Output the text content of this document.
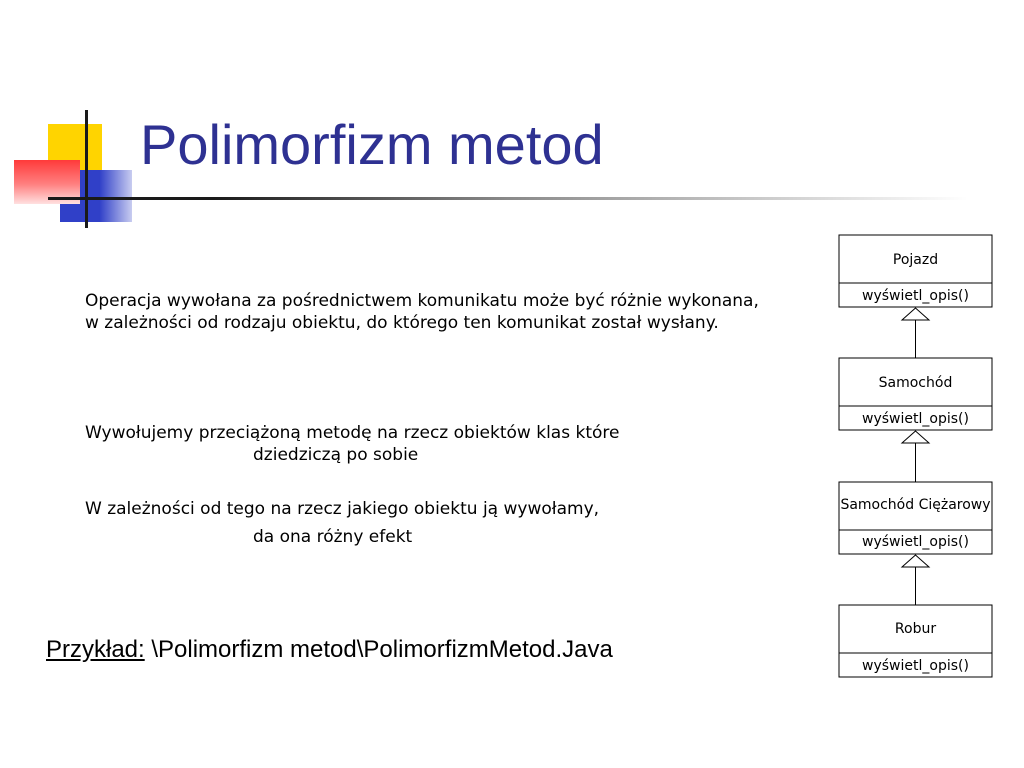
Polimorfizm metod
Operacja wywołana za pośrednictwem komunikatu może być różnie wykonana, w zależności od rodzaju obiektu, do którego ten komunikat został wysłany.
Wywołujemy przeciążoną metodę na rzecz obiektów klas które
dziedziczą po sobie
W zależności od tego na rzecz jakiego obiektu ją wywołamy,
da ona różny efekt
Przykład: \Polimorfizm metod\PolimorfizmMetod.Java
Pojazd
wyświetl_opis()
Samochód
wyświetl_opis()
Samochód Ciężarowy
wyświetl_opis()
Robur
wyświetl_opis()
